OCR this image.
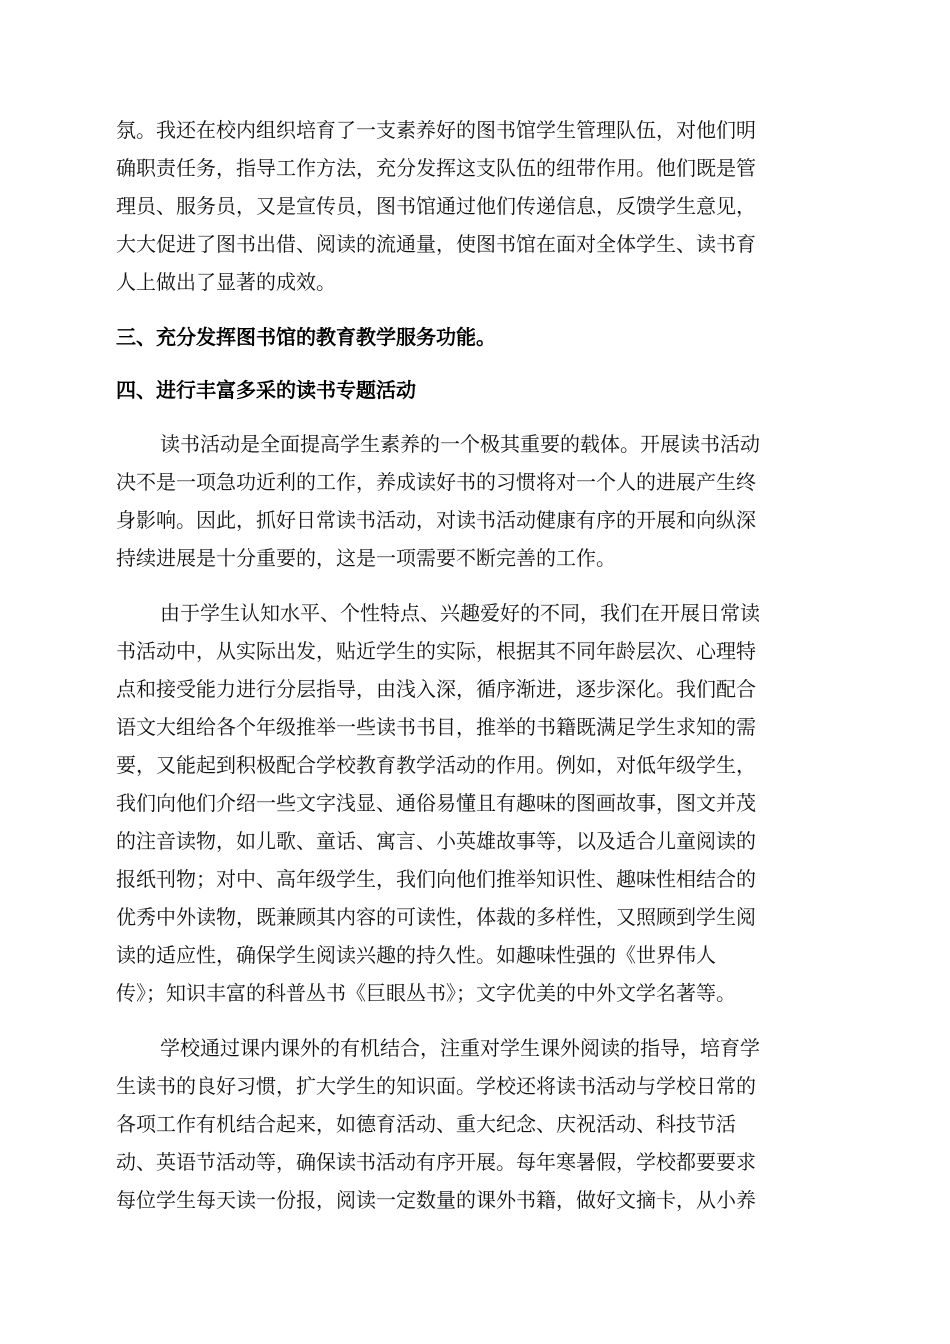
氛。我还在校内组织培育了一支素养好的图书馆学生管理队伍，对他们明
确职责任务，指导工作方法，充分发挥这支队伍的纽带作用。他们既是管
理员、服务员，又是宣传员，图书馆通过他们传递信息，反馈学生意见，
大大促进了图书出借、阅读的流通量，使图书馆在面对全体学生、读书育
人上做出了显著的成效。
三、充分发挥图书馆的教育教学服务功能。
四、进行丰富多采的读书专题活动
读书活动是全面提高学生素养的一个极其重要的载体。开展读书活动
决不是一项急功近利的工作，养成读好书的习惯将对一个人的进展产生终
身影响。因此，抓好日常读书活动，对读书活动健康有序的开展和向纵深
持续进展是十分重要的，这是一项需要不断完善的工作。
由于学生认知水平、个性特点、兴趣爱好的不同，我们在开展日常读
书活动中，从实际出发，贴近学生的实际，根据其不同年龄层次、心理特
点和接受能力进行分层指导，由浅入深，循序渐进，逐步深化。我们配合
语文大组给各个年级推举一些读书书目，推举的书籍既满足学生求知的需
要，又能起到积极配合学校教育教学活动的作用。例如，对低年级学生，
我们向他们介绍一些文字浅显、通俗易懂且有趣味的图画故事，图文并茂
的注音读物，如儿歌、童话、寓言、小英雄故事等，以及适合儿童阅读的
报纸刊物；对中、高年级学生，我们向他们推举知识性、趣味性相结合的
优秀中外读物，既兼顾其内容的可读性，体裁的多样性，又照顾到学生阅
读的适应性，确保学生阅读兴趣的持久性。如趣味性强的《世界伟人
传》；知识丰富的科普丛书《巨眼丛书》；文字优美的中外文学名著等。
学校通过课内课外的有机结合，注重对学生课外阅读的指导，培育学
生读书的良好习惯，扩大学生的知识面。学校还将读书活动与学校日常的
各项工作有机结合起来，如德育活动、重大纪念、庆祝活动、科技节活
动、英语节活动等，确保读书活动有序开展。每年寒暑假，学校都要要求
每位学生每天读一份报，阅读一定数量的课外书籍，做好文摘卡，从小养
